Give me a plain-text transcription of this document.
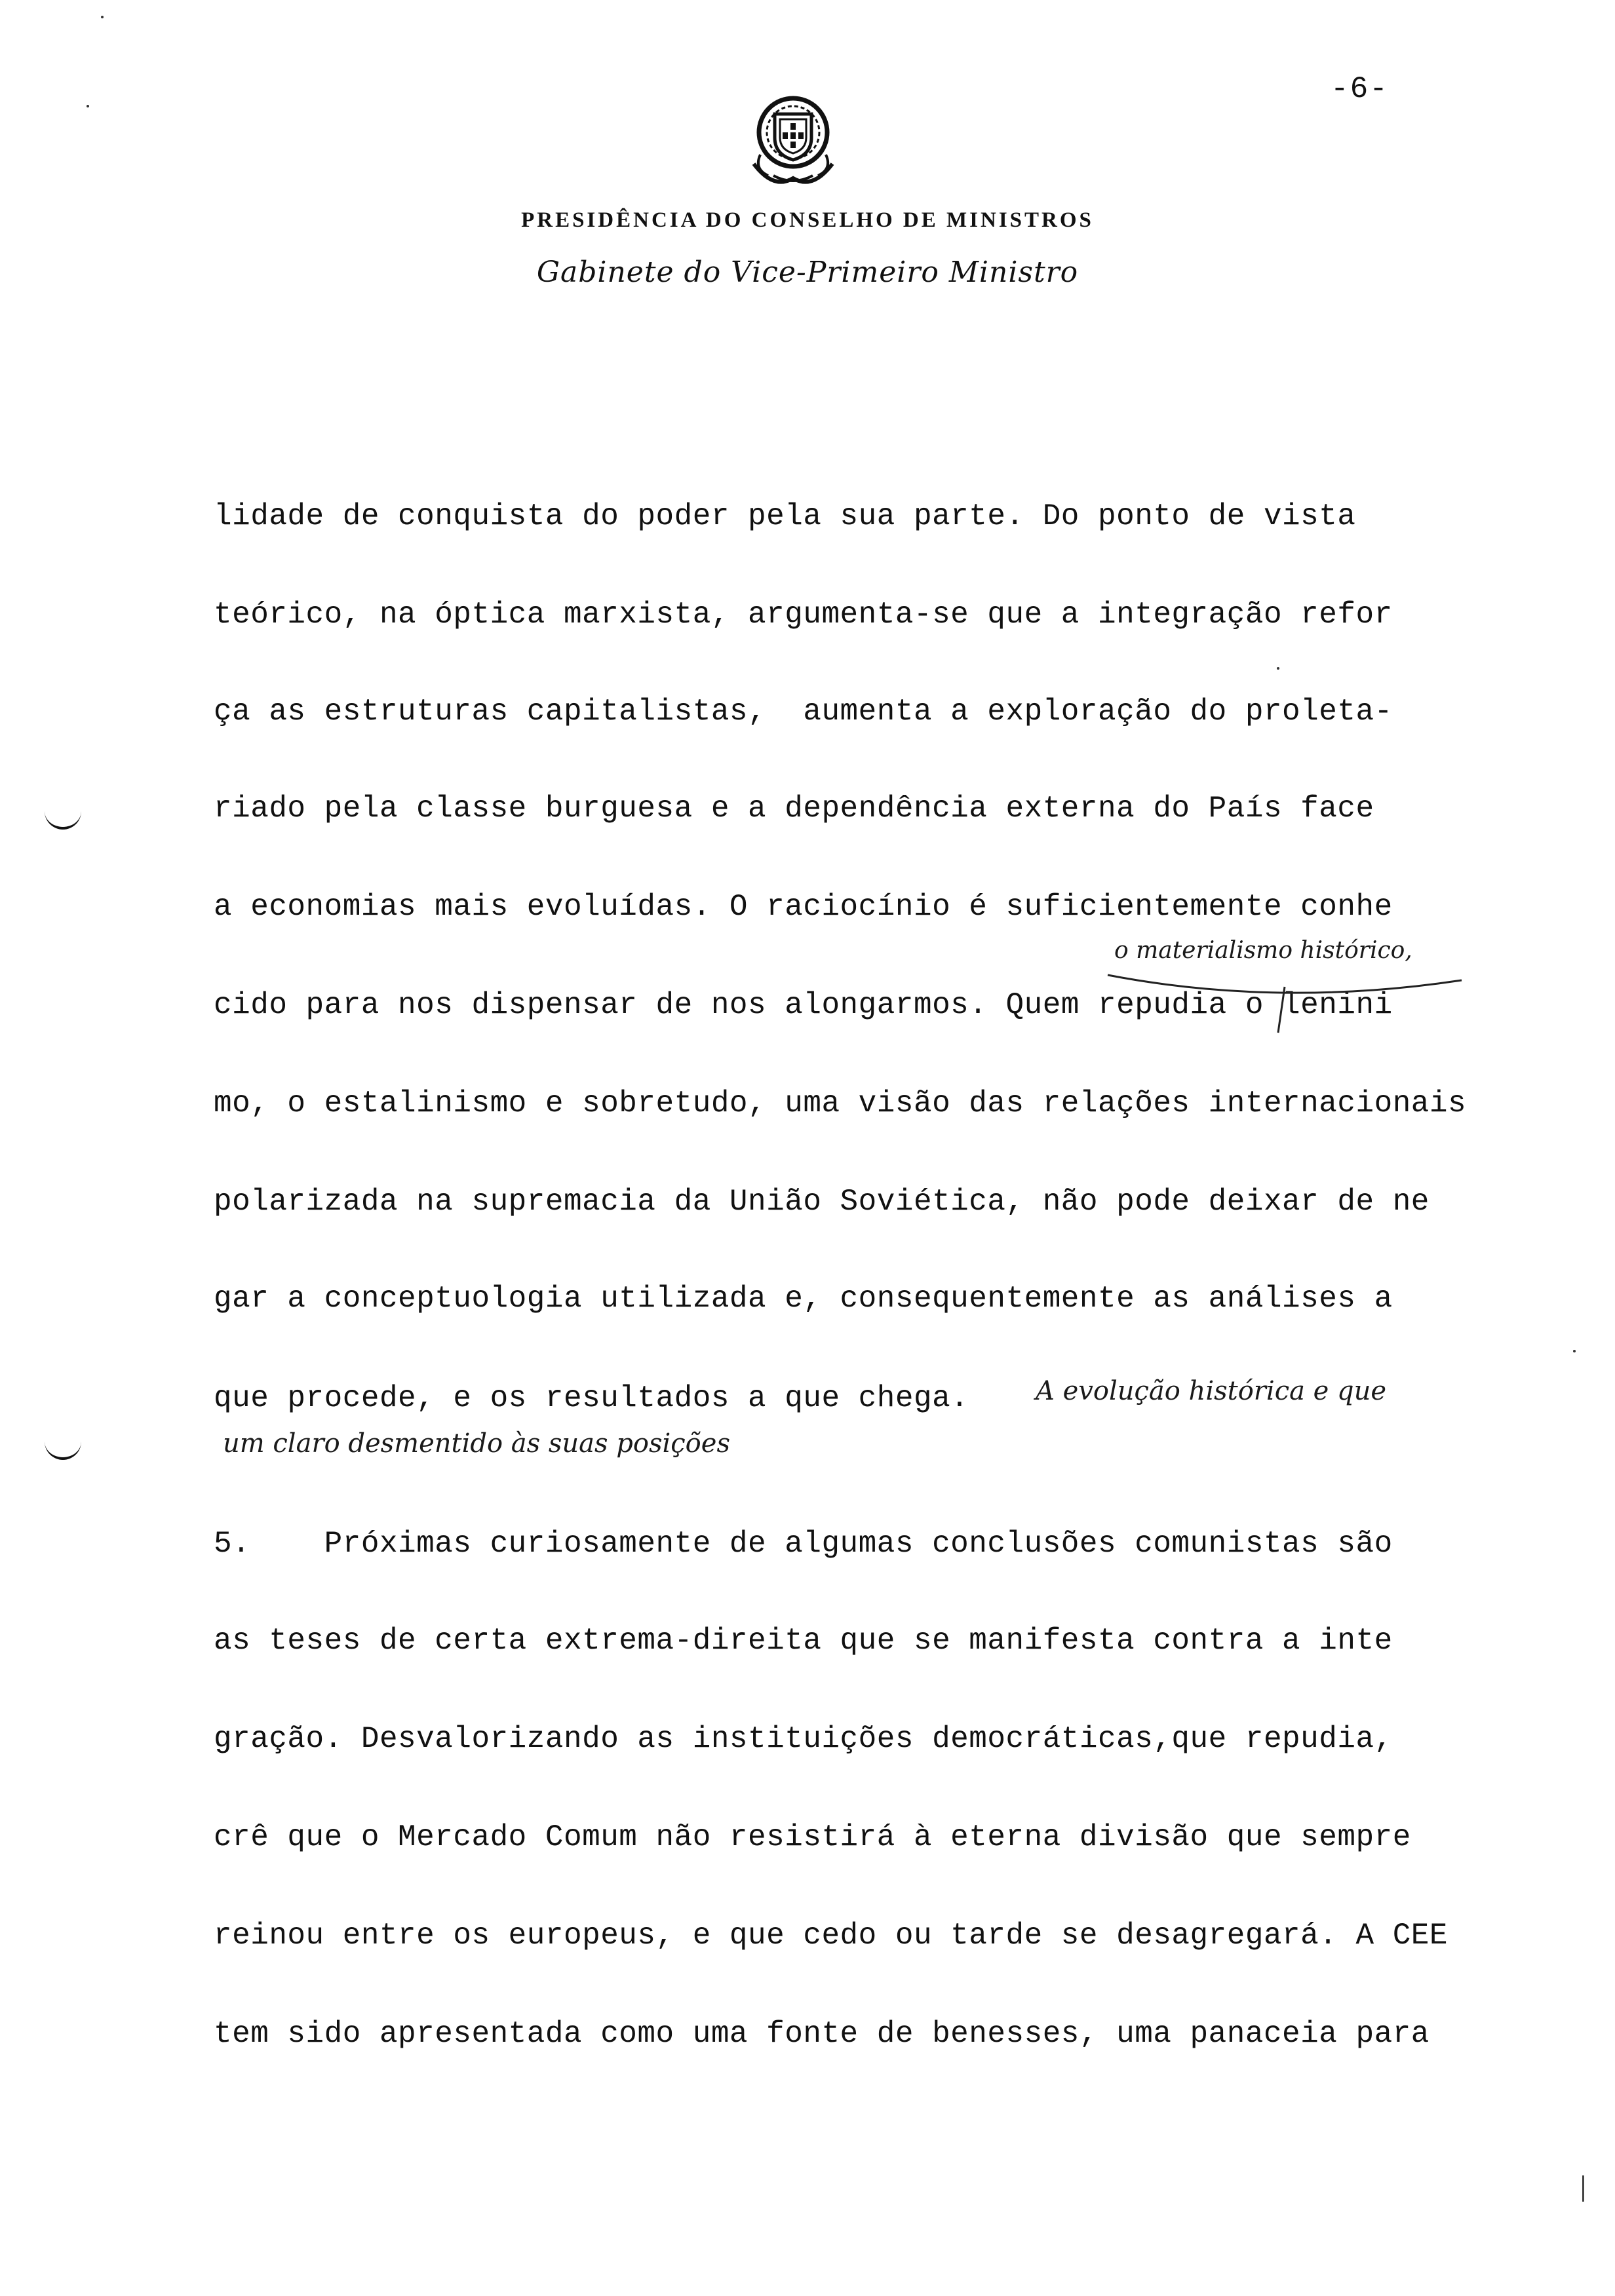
-6-
PRESIDÊNCIA DO CONSELHO DE MINISTROS
Gabinete do Vice-Primeiro Ministro
lidade de conquista do poder pela sua parte. Do ponto de vista
teórico, na óptica marxista, argumenta-se que a integração refor
ça as estruturas capitalistas,  aumenta a exploração do proleta-
riado pela classe burguesa e a dependência externa do País face
a economias mais evoluídas. O raciocínio é suficientemente conhe
cido para nos dispensar de nos alongarmos. Quem repudia o lenini
mo, o estalinismo e sobretudo, uma visão das relações internacionais
polarizada na supremacia da União Soviética, não pode deixar de ne
gar a conceptuologia utilizada e, consequentemente as análises a
que procede, e os resultados a que chega.
5.    Próximas curiosamente de algumas conclusões comunistas são
as teses de certa extrema-direita que se manifesta contra a inte
gração. Desvalorizando as instituições democráticas,que repudia,
crê que o Mercado Comum não resistirá à eterna divisão que sempre
reinou entre os europeus, e que cedo ou tarde se desagregará. A CEE
tem sido apresentada como uma fonte de benesses, uma panaceia para
o materialismo histórico,
A evolução histórica e que
um claro desmentido às suas posições
